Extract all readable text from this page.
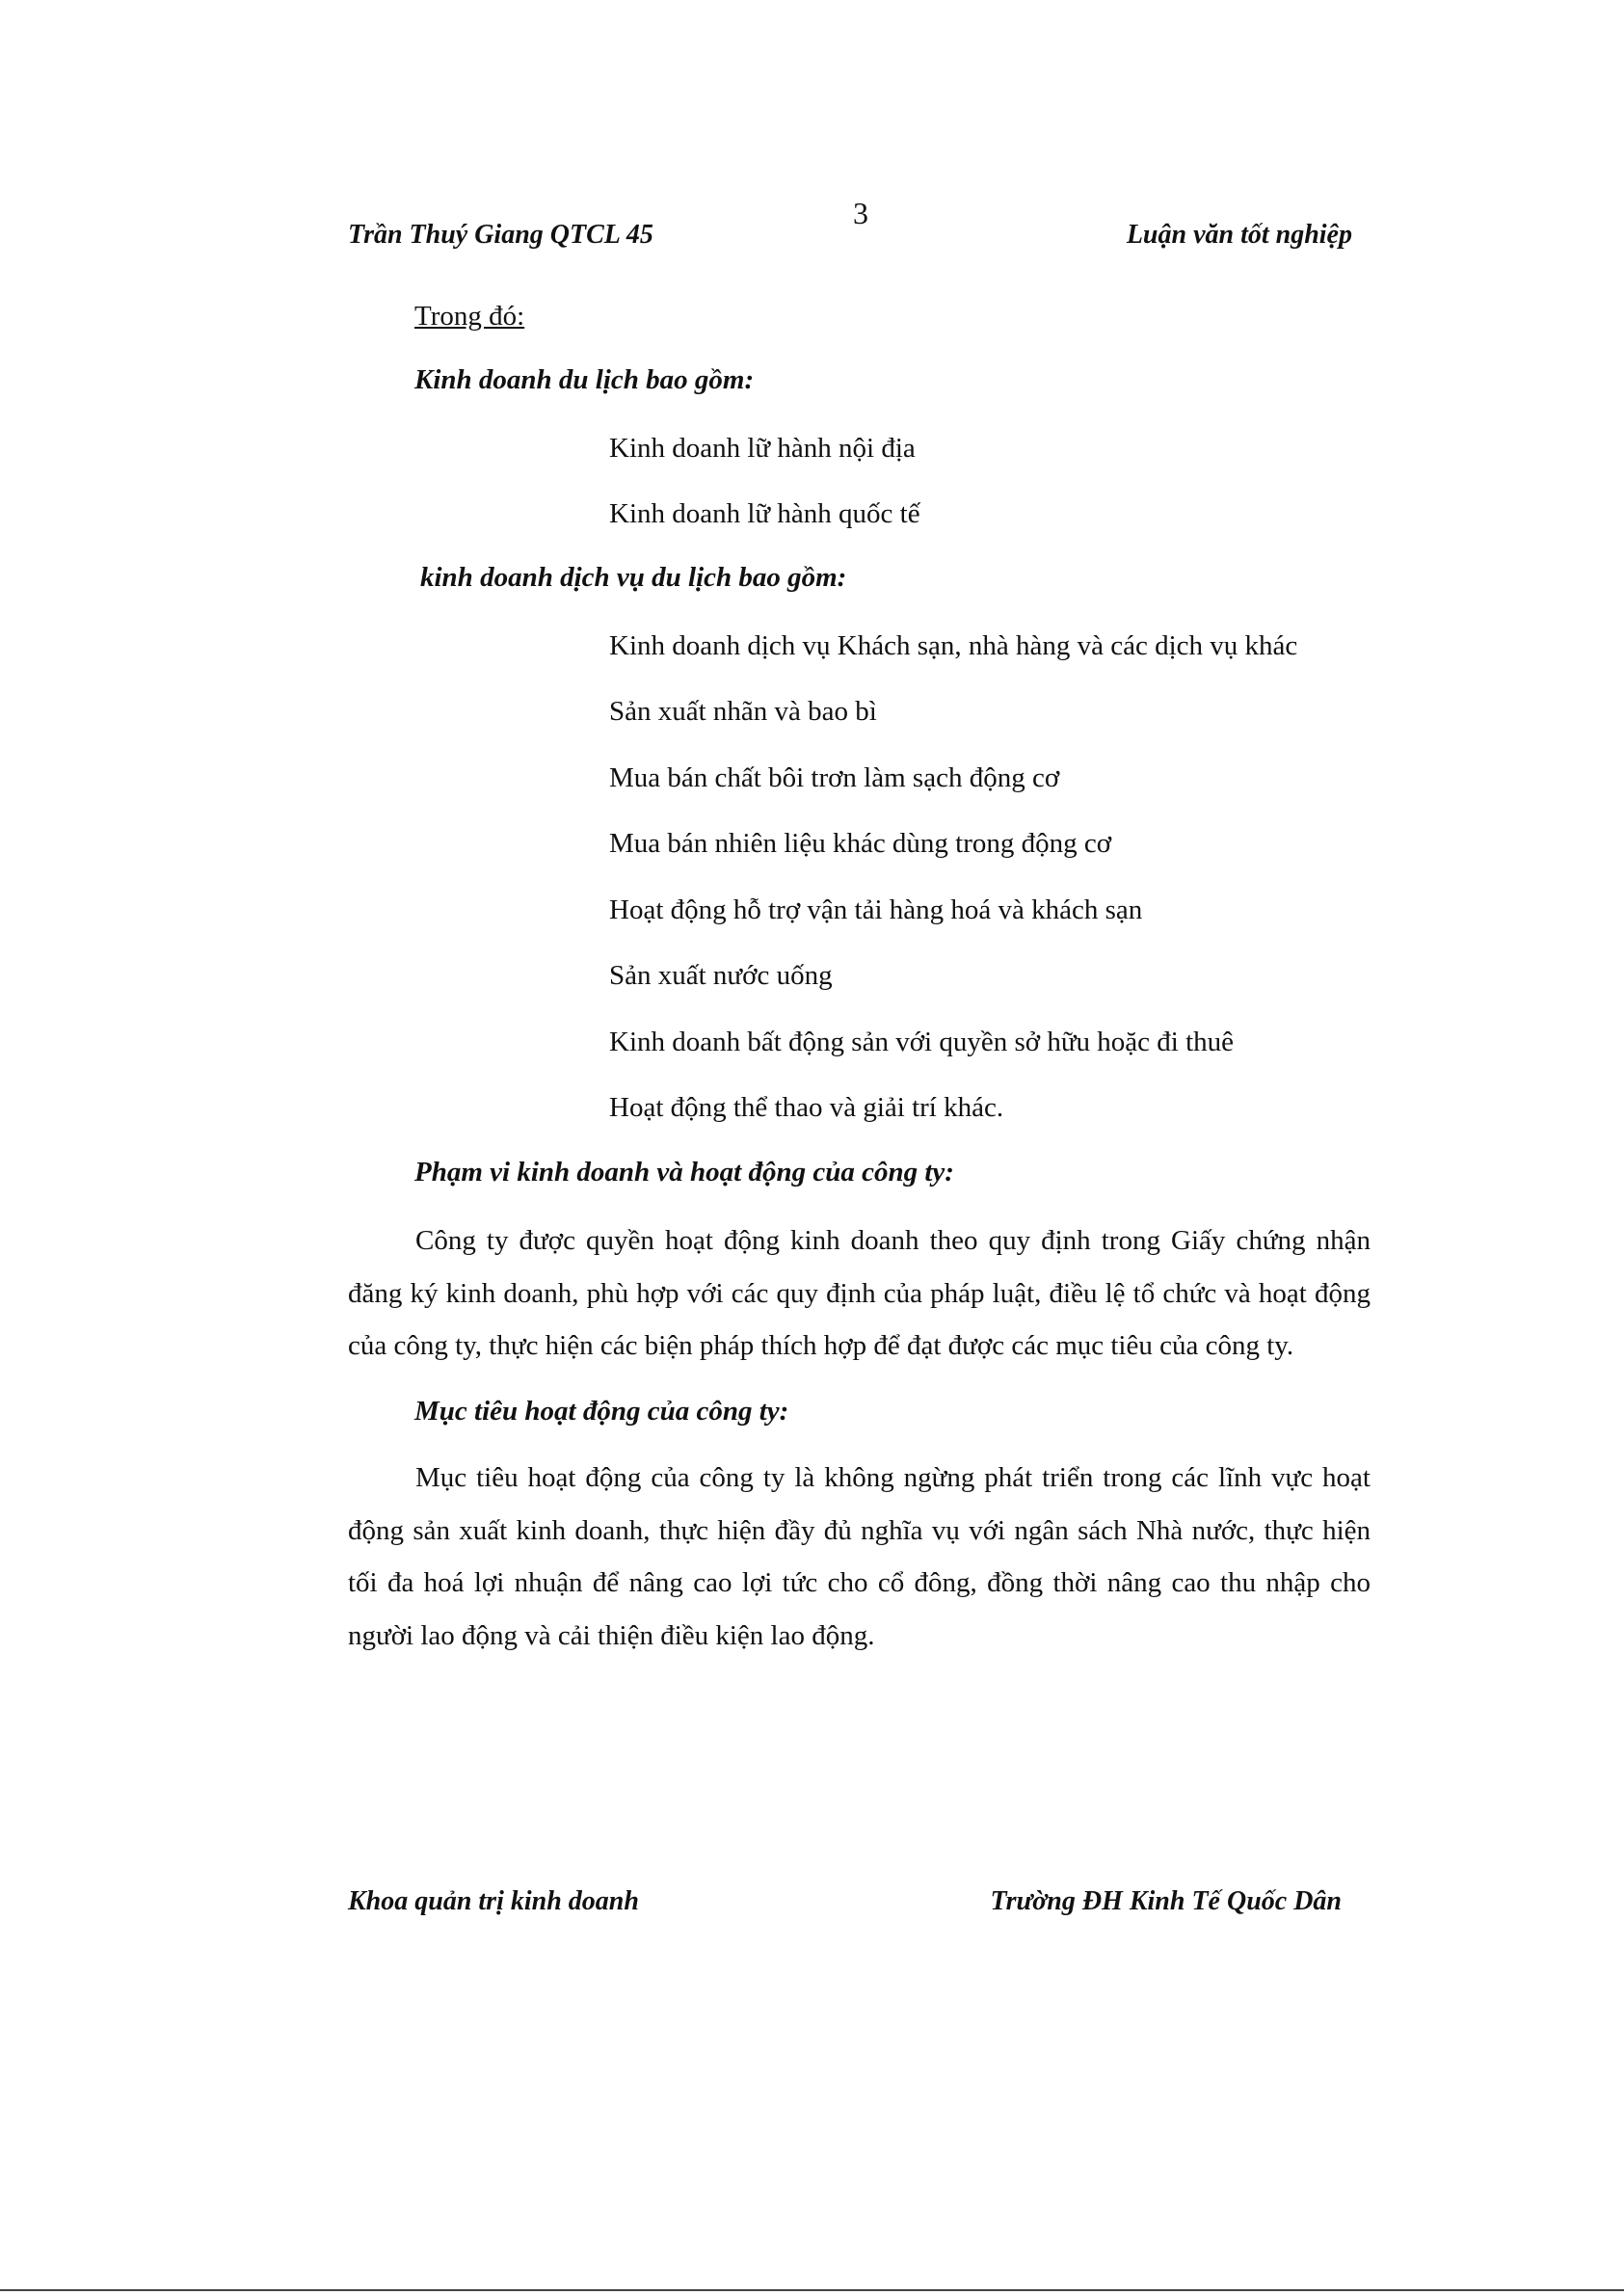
Trần Thuý Giang QTCL 45
3
Luận văn tốt nghiệp
Trong đó:
Kinh doanh du lịch bao gồm:
Kinh doanh lữ hành nội địa
Kinh doanh lữ hành quốc tế
kinh doanh dịch vụ du lịch bao gồm:
Kinh doanh dịch vụ Khách sạn, nhà hàng và các dịch vụ khác
Sản xuất nhãn và bao bì
Mua bán chất bôi trơn làm sạch động cơ
Mua bán nhiên liệu khác dùng trong động cơ
Hoạt động hỗ trợ vận tải hàng hoá và khách sạn
Sản xuất nước uống
Kinh doanh bất động sản với quyền sở hữu hoặc đi thuê
Hoạt động thể thao và giải trí khác.
Phạm vi kinh doanh và hoạt động của công ty:
Công ty được quyền hoạt động kinh doanh theo quy định trong Giấy chứng nhận đăng ký kinh doanh, phù hợp với các quy định của pháp luật, điều lệ tổ chức và hoạt động của công ty, thực hiện các biện pháp thích hợp để đạt được các mục tiêu của công ty.
Mục tiêu hoạt động của công ty:
Mục tiêu hoạt động của công ty là không ngừng phát triển trong các lĩnh vực hoạt động sản xuất kinh doanh, thực hiện đầy đủ nghĩa vụ với ngân sách Nhà nước, thực hiện tối đa hoá lợi nhuận để nâng cao lợi tức cho cổ đông, đồng thời nâng cao thu nhập cho người lao động và cải thiện điều kiện lao động.
Khoa quản trị kinh doanh	Trường ĐH Kinh Tế Quốc Dân
